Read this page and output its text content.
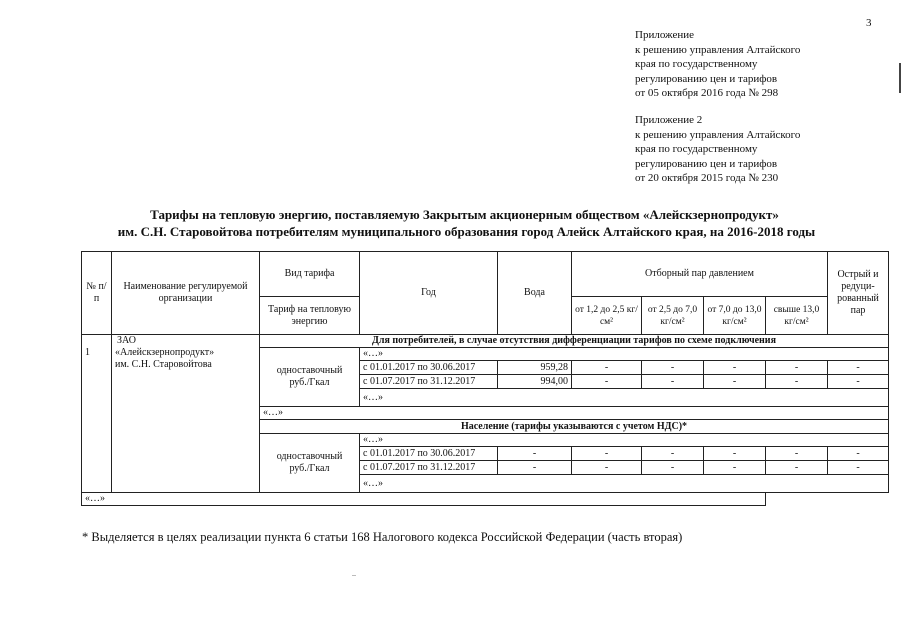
3
Приложение
к решению управления Алтайского
края по государственному
регулированию цен и тарифов
от 05 октября 2016 года № 298
Приложение 2
к решению управления Алтайского
края по государственному
регулированию цен и тарифов
от 20 октября 2015 года № 230
Тарифы на тепловую энергию, поставляемую Закрытым акционерным обществом «Алейскзернопродукт»
им. С.Н. Старовойтова потребителям муниципального образования город Алейск Алтайского края, на 2016-2018 годы
№ п/п	Наименование регулируемой организации	Вид тарифа	Год	Вода	Отборный пар давлением				Острый и редуци-рованный пар
		Тариф на тепловую энергию			от 1,2 до 2,5 кг/см²	от 2,5 до 7,0 кг/см²	от 7,0 до 13,0 кг/см²	свыше 13,0 кг/см²	

1	ЗАО
«Алейскзернопродукт»
им. С.Н. Старовойтова	Для потребителей, в случае отсутствия дифференциации тарифов по схеме подключения							

		одноставочный
руб./Гкал	«…»						
			с 01.01.2017 по 30.06.2017	959,28	-	-	-	-	-
			с 01.07.2017 по 31.12.2017	994,00	-	-	-	-	-
			«…»						
		«…»							
		Население (тарифы указываются с учетом НДС)*							

		одноставочный
руб./Гкал	«…»						
			с 01.01.2017 по 30.06.2017	-	-	-	-	-	-
			с 01.07.2017 по 31.12.2017	-	-	-	-	-	-
			«…»						
«…»									
* Выделяется в целях реализации пункта 6 статьи 168 Налогового кодекса Российской Федерации (часть вторая)
